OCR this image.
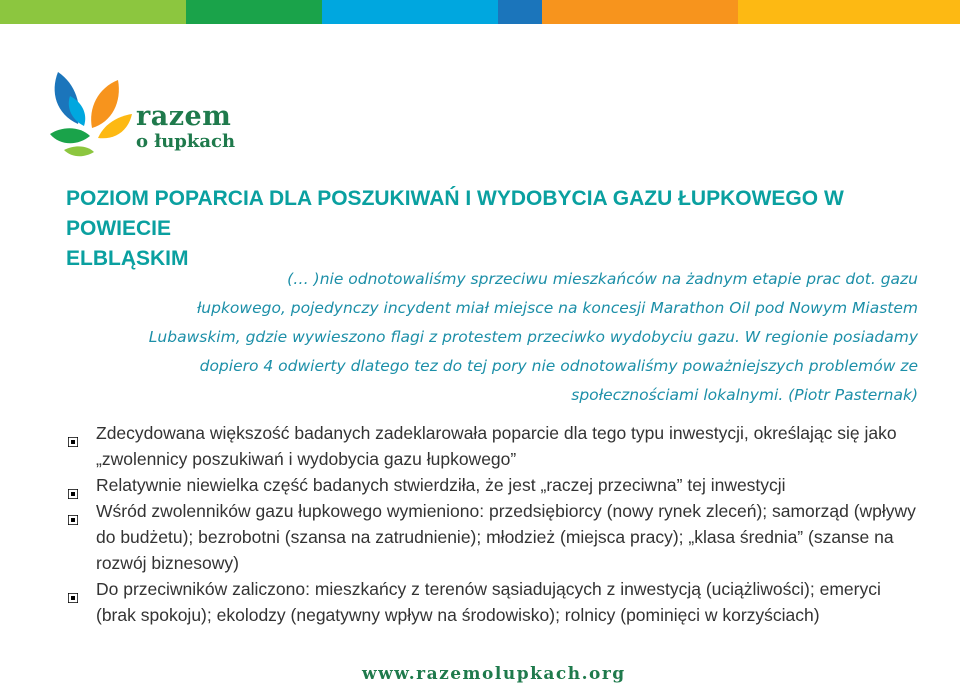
razem
o łupkach
POZIOM POPARCIA DLA POSZUKIWAŃ I WYDOBYCIA GAZU ŁUPKOWEGO W POWIECIE
ELBLĄSKIM
(… )nie odnotowaliśmy sprzeciwu mieszkańców na żadnym etapie prac dot. gazu
łupkowego, pojedynczy incydent miał miejsce na koncesji Marathon Oil pod Nowym Miastem
Lubawskim, gdzie wywieszono flagi z protestem przeciwko wydobyciu gazu. W regionie posiadamy
dopiero 4 odwierty dlatego tez do tej pory nie odnotowaliśmy poważniejszych problemów ze
społecznościami lokalnymi. (Piotr Pasternak)
Zdecydowana większość badanych zadeklarowała poparcie dla tego typu inwestycji, określając się jako
„zwolennicy poszukiwań i wydobycia gazu łupkowego”
Relatywnie niewielka część badanych stwierdziła, że jest „raczej przeciwna” tej inwestycji
Wśród zwolenników gazu łupkowego wymieniono: przedsiębiorcy (nowy rynek zleceń); samorząd (wpływy
do budżetu); bezrobotni (szansa na zatrudnienie); młodzież (miejsca pracy); „klasa średnia” (szanse na
rozwój biznesowy)
Do przeciwników zaliczono: mieszkańcy z terenów sąsiadujących z inwestycją (uciążliwości); emeryci
(brak spokoju); ekolodzy (negatywny wpływ na środowisko); rolnicy (pominięci w korzyściach)
www.razemolupkach.org
